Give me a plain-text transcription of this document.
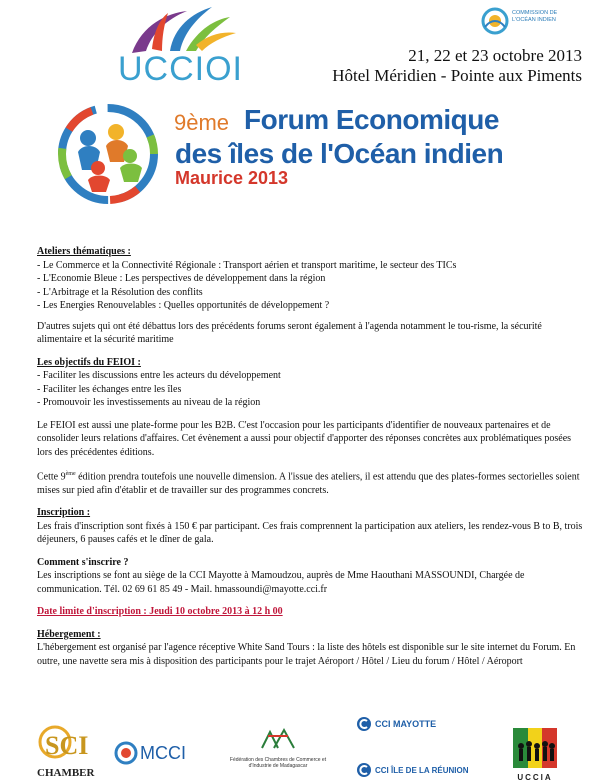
UCCIOI
COMMISSION DE L'OCÉAN INDIEN
21, 22 et 23 octobre 2013
Hôtel Méridien - Pointe aux Piments
9ème Forum Economique
des îles de l'Océan indien
Maurice 2013

Ateliers thématiques :

- Le Commerce et la Connectivité Régionale : Transport aérien et transport maritime, le secteur des TICs
- L'Economie Bleue : Les perspectives de développement dans la région
- L'Arbitrage et la Résolution des conflits
- Les Energies Renouvelables : Quelles opportunités de développement ?

D'autres sujets qui ont été débattus lors des précédents forums seront également à l'agenda notamment le tou-risme, la sécurité alimentaire et la sécurité maritime

Les objectifs du FEIOI :

- Faciliter les discussions entre les acteurs du développement
- Faciliter les échanges entre les îles
- Promouvoir les investissements au niveau de la région

Le FEIOI est aussi une plate-forme pour les B2B. C'est l'occasion pour les participants d'identifier de nouveaux partenaires et de consolider leurs relations d'affaires. Cet évènement a aussi pour objectif d'apporter des réponses concrètes aux problématiques posées lors des précédentes éditions.

Cette 9ème édition prendra toutefois une nouvelle dimension. A l'issue des ateliers, il est attendu que des plates-formes sectorielles soient mises sur pied afin d'établir et de travailler sur des programmes concrets.

Inscription :

Les frais d'inscription sont fixés à 150 € par participant. Ces frais comprennent la participation aux ateliers, les rendez-vous B to B, trois déjeuners, 6 pauses cafés et le dîner de gala.

Comment s'inscrire ?

Les inscriptions se font au siège de la CCI Mayotte à Mamoudzou, auprès de Mme Haouthani MASSOUNDI, Chargée de communication. Tél. 02 69 61 85 49 - Mail. hmassoundi@mayotte.cci.fr

Date limite d'inscription : Jeudi 10 octobre 2013 à 12 h 00

Hébergement :

L'hébergement est organisé par l'agence réceptive White Sand Tours : la liste des hôtels est disponible sur le site internet du Forum. En outre, une navette sera mis à disposition des participants pour le trajet Aéroport / Hôtel / Lieu du forum / Hôtel / Aéroport

SCI
CHAMBER
MCCI	Fédération des Chambres de Commerce et d'Industrie de Madagascar
CCI MAYOTTE
CCI ÎLE DE LA RÉUNION
UCCIA
